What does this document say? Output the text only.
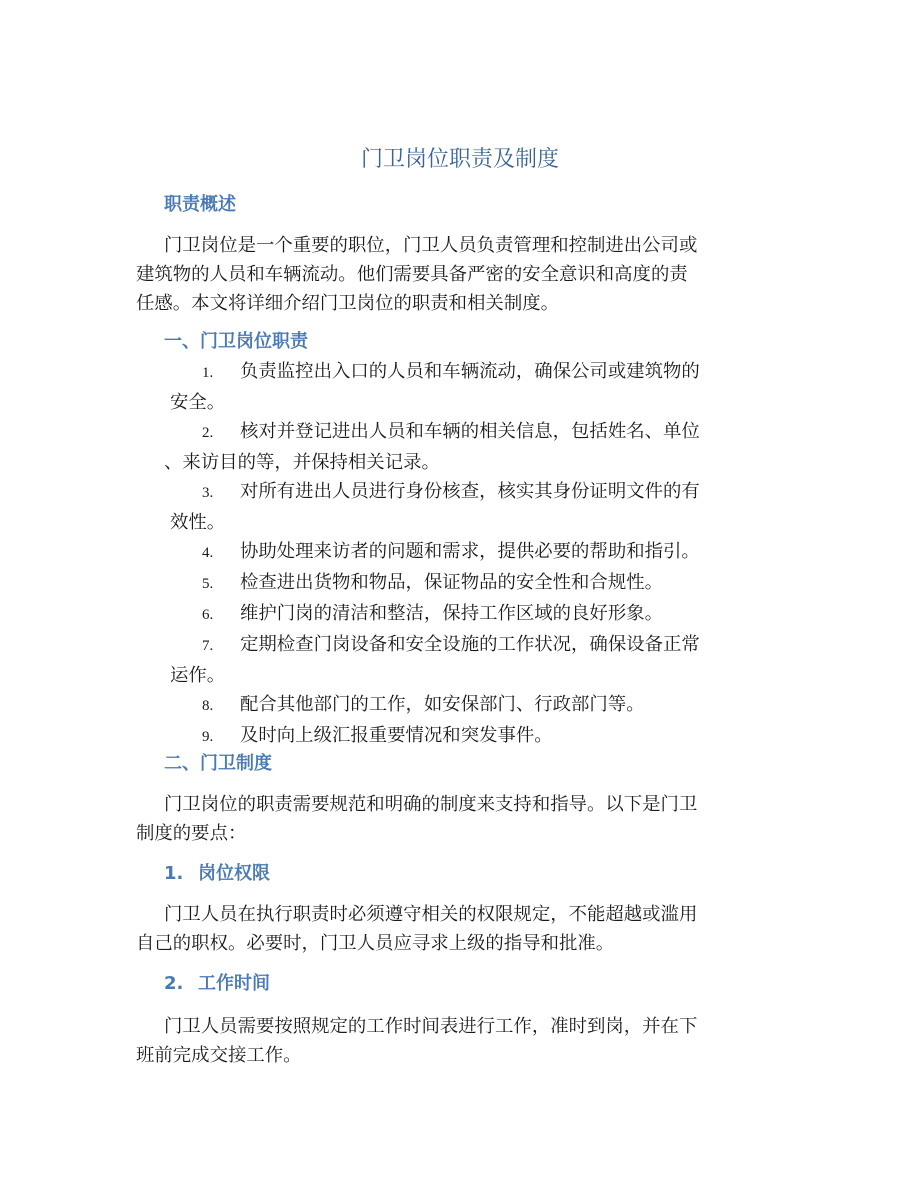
门卫岗位职责及制度
职责概述
门卫岗位是一个重要的职位，门卫人员负责管理和控制进出公司或
建筑物的人员和车辆流动。他们需要具备严密的安全意识和高度的责
任感。本文将详细介绍门卫岗位的职责和相关制度。
一、门卫岗位职责
1. 负责监控出入口的人员和车辆流动，确保公司或建筑物的
安全。
2. 核对并登记进出人员和车辆的相关信息，包括姓名、单位
、来访目的等，并保持相关记录。
3. 对所有进出人员进行身份核查，核实其身份证明文件的有
效性。
4. 协助处理来访者的问题和需求，提供必要的帮助和指引。
5. 检查进出货物和物品，保证物品的安全性和合规性。
6. 维护门岗的清洁和整洁，保持工作区域的良好形象。
7. 定期检查门岗设备和安全设施的工作状况，确保设备正常
运作。
8. 配合其他部门的工作，如安保部门、行政部门等。
9. 及时向上级汇报重要情况和突发事件。
二、门卫制度
门卫岗位的职责需要规范和明确的制度来支持和指导。以下是门卫
制度的要点：
1. 岗位权限
门卫人员在执行职责时必须遵守相关的权限规定，不能超越或滥用
自己的职权。必要时，门卫人员应寻求上级的指导和批准。
2. 工作时间
门卫人员需要按照规定的工作时间表进行工作，准时到岗，并在下
班前完成交接工作。
